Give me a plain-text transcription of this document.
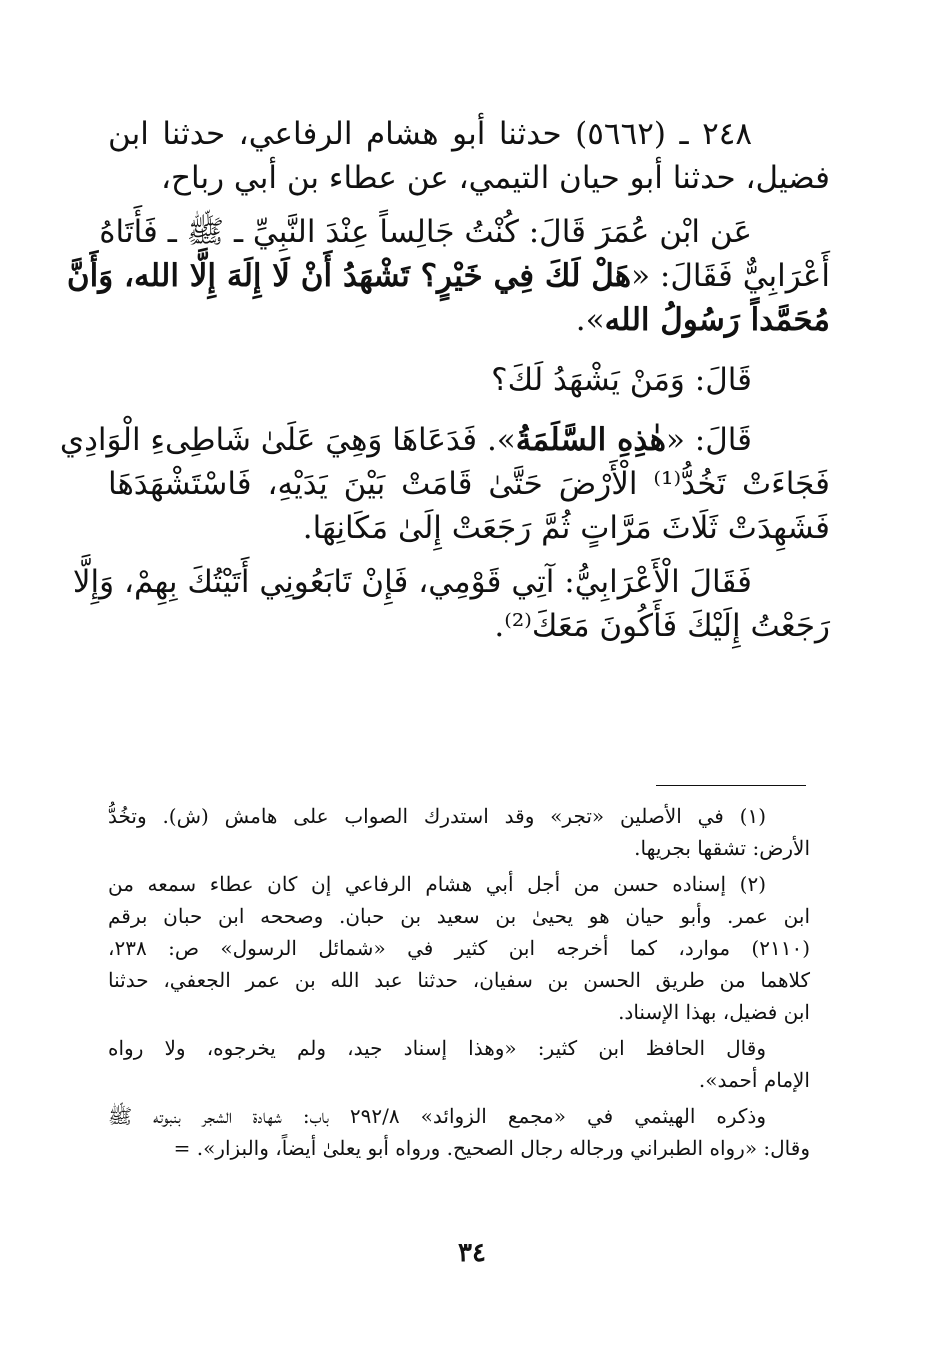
٢٤٨ ـ (٥٦٦٢) حدثنا أبو هشام الرفاعي، حدثنا ابن
فضيل، حدثنا أبو حيان التيمي، عن عطاء بن أبي رباح،
عَن ابْن عُمَرَ قَالَ: كُنْتُ جَالِساً عِنْدَ النَّبِيِّ ـ ﷺ ـ فَأَتَاهُ
أَعْرَابِيٌّ فَقَالَ: «هَلْ لَكَ فِي خَيْرٍ؟ تَشْهَدُ أَنْ لَا إِلَهَ إِلَّا الله، وَأَنَّ
مُحَمَّداً رَسُولُ الله».
قَالَ: وَمَنْ يَشْهَدُ لَكَ؟
قَالَ: «هٰذِهِ السَّلَمَةُ». فَدَعَاهَا وَهِيَ عَلَىٰ شَاطِىءِ الْوَادِي
فَجَاءَتْ تَخُدُّ⁽¹⁾ الْأَرْضَ حَتَّىٰ قَامَتْ بَيْنَ يَدَيْهِ، فَاسْتَشْهَدَهَا
فَشَهِدَتْ ثَلَاثَ مَرَّاتٍ ثُمَّ رَجَعَتْ إِلَىٰ مَكَانِهَا.
فَقَالَ الْأَعْرَابِيُّ: آتِي قَوْمِي، فَإِنْ تَابَعُونِي أَتَيْتُكَ بِهِمْ، وَإِلَّا
رَجَعْتُ إِلَيْكَ فَأَكُونَ مَعَكَ⁽²⁾.
(١) في الأصلين «تجر» وقد استدرك الصواب على هامش (ش). وتخُدُّ
الأرض: تشقها بجريها.
(٢) إسناده حسن من أجل أبي هشام الرفاعي إن كان عطاء سمعه من
ابن عمر. وأبو حيان هو يحيىٰ بن سعيد بن حبان. وصححه ابن حبان برقم
(٢١١٠) موارد، كما أخرجه ابن كثير في «شمائل الرسول» ص: ٢٣٨،
كلاهما من طريق الحسن بن سفيان، حدثنا عبد الله بن عمر الجعفي، حدثنا
ابن فضيل، بهذا الإسناد.
وقال الحافظ ابن كثير: «وهذا إسناد جيد، ولم يخرجوه، ولا رواه
الإمام أحمد».
وذكره الهيثمي في «مجمع الزوائد» ٢٩٢/٨ باب: شهادة الشجر بنبوته ﷺ
وقال: «رواه الطبراني ورجاله رجال الصحيح. ورواه أبو يعلىٰ أيضاً، والبزار». =
٣٤
